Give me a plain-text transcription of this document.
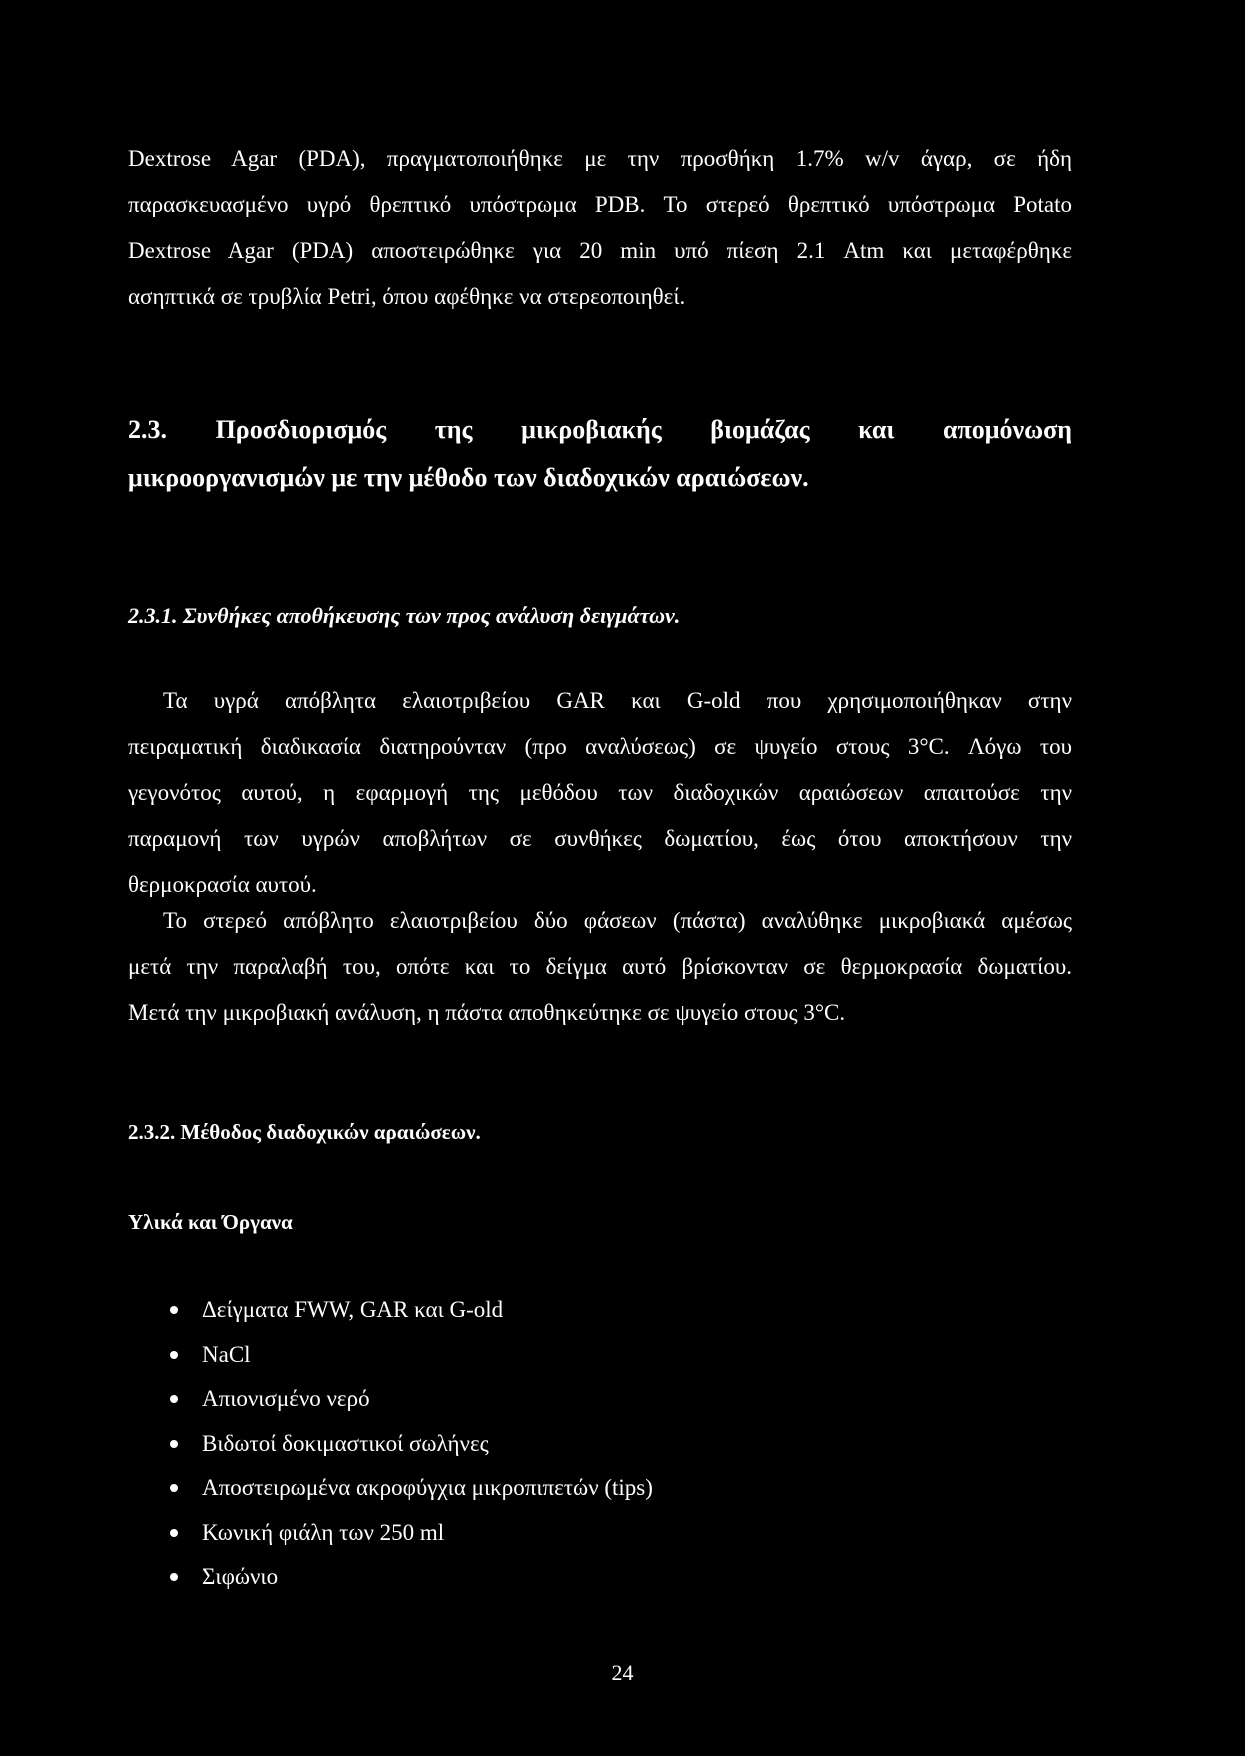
Dextrose Agar (PDA), πραγματοποιήθηκε με την προσθήκη 1.7% w/v άγαρ, σε ήδη
παρασκευασμένο υγρό θρεπτικό υπόστρωμα PDB. Το στερεό θρεπτικό υπόστρωμα Potato
Dextrose Agar (PDA) αποστειρώθηκε για 20 min υπό πίεση 2.1 Atm και μεταφέρθηκε
ασηπτικά σε τρυβλία Petri, όπου αφέθηκε να στερεοποιηθεί.
2.3. Προσδιορισμός της μικροβιακής βιομάζας και απομόνωση
μικροοργανισμών με την μέθοδο των διαδοχικών αραιώσεων.
2.3.1. Συνθήκες αποθήκευσης των προς ανάλυση δειγμάτων.
Τα υγρά απόβλητα ελαιοτριβείου GAR και G-old που χρησιμοποιήθηκαν στην
πειραματική διαδικασία διατηρούνταν (προ αναλύσεως) σε ψυγείο στους 3°C. Λόγω του
γεγονότος αυτού, η εφαρμογή της μεθόδου των διαδοχικών αραιώσεων απαιτούσε την
παραμονή των υγρών αποβλήτων σε συνθήκες δωματίου, έως ότου αποκτήσουν την
θερμοκρασία αυτού.
Το στερεό απόβλητο ελαιοτριβείου δύο φάσεων (πάστα) αναλύθηκε μικροβιακά αμέσως
μετά την παραλαβή του, οπότε και το δείγμα αυτό βρίσκονταν σε θερμοκρασία δωματίου.
Μετά την μικροβιακή ανάλυση, η πάστα αποθηκεύτηκε σε ψυγείο στους 3°C.
2.3.2. Μέθοδος διαδοχικών αραιώσεων.
Υλικά και Όργανα
Δείγματα FWW, GAR και G-old
NaCl
Απιονισμένο νερό
Βιδωτοί δοκιμαστικοί σωλήνες
Αποστειρωμένα ακροφύγχια μικροπιπετών (tips)
Κωνική φιάλη των 250 ml
Σιφώνιο
24
